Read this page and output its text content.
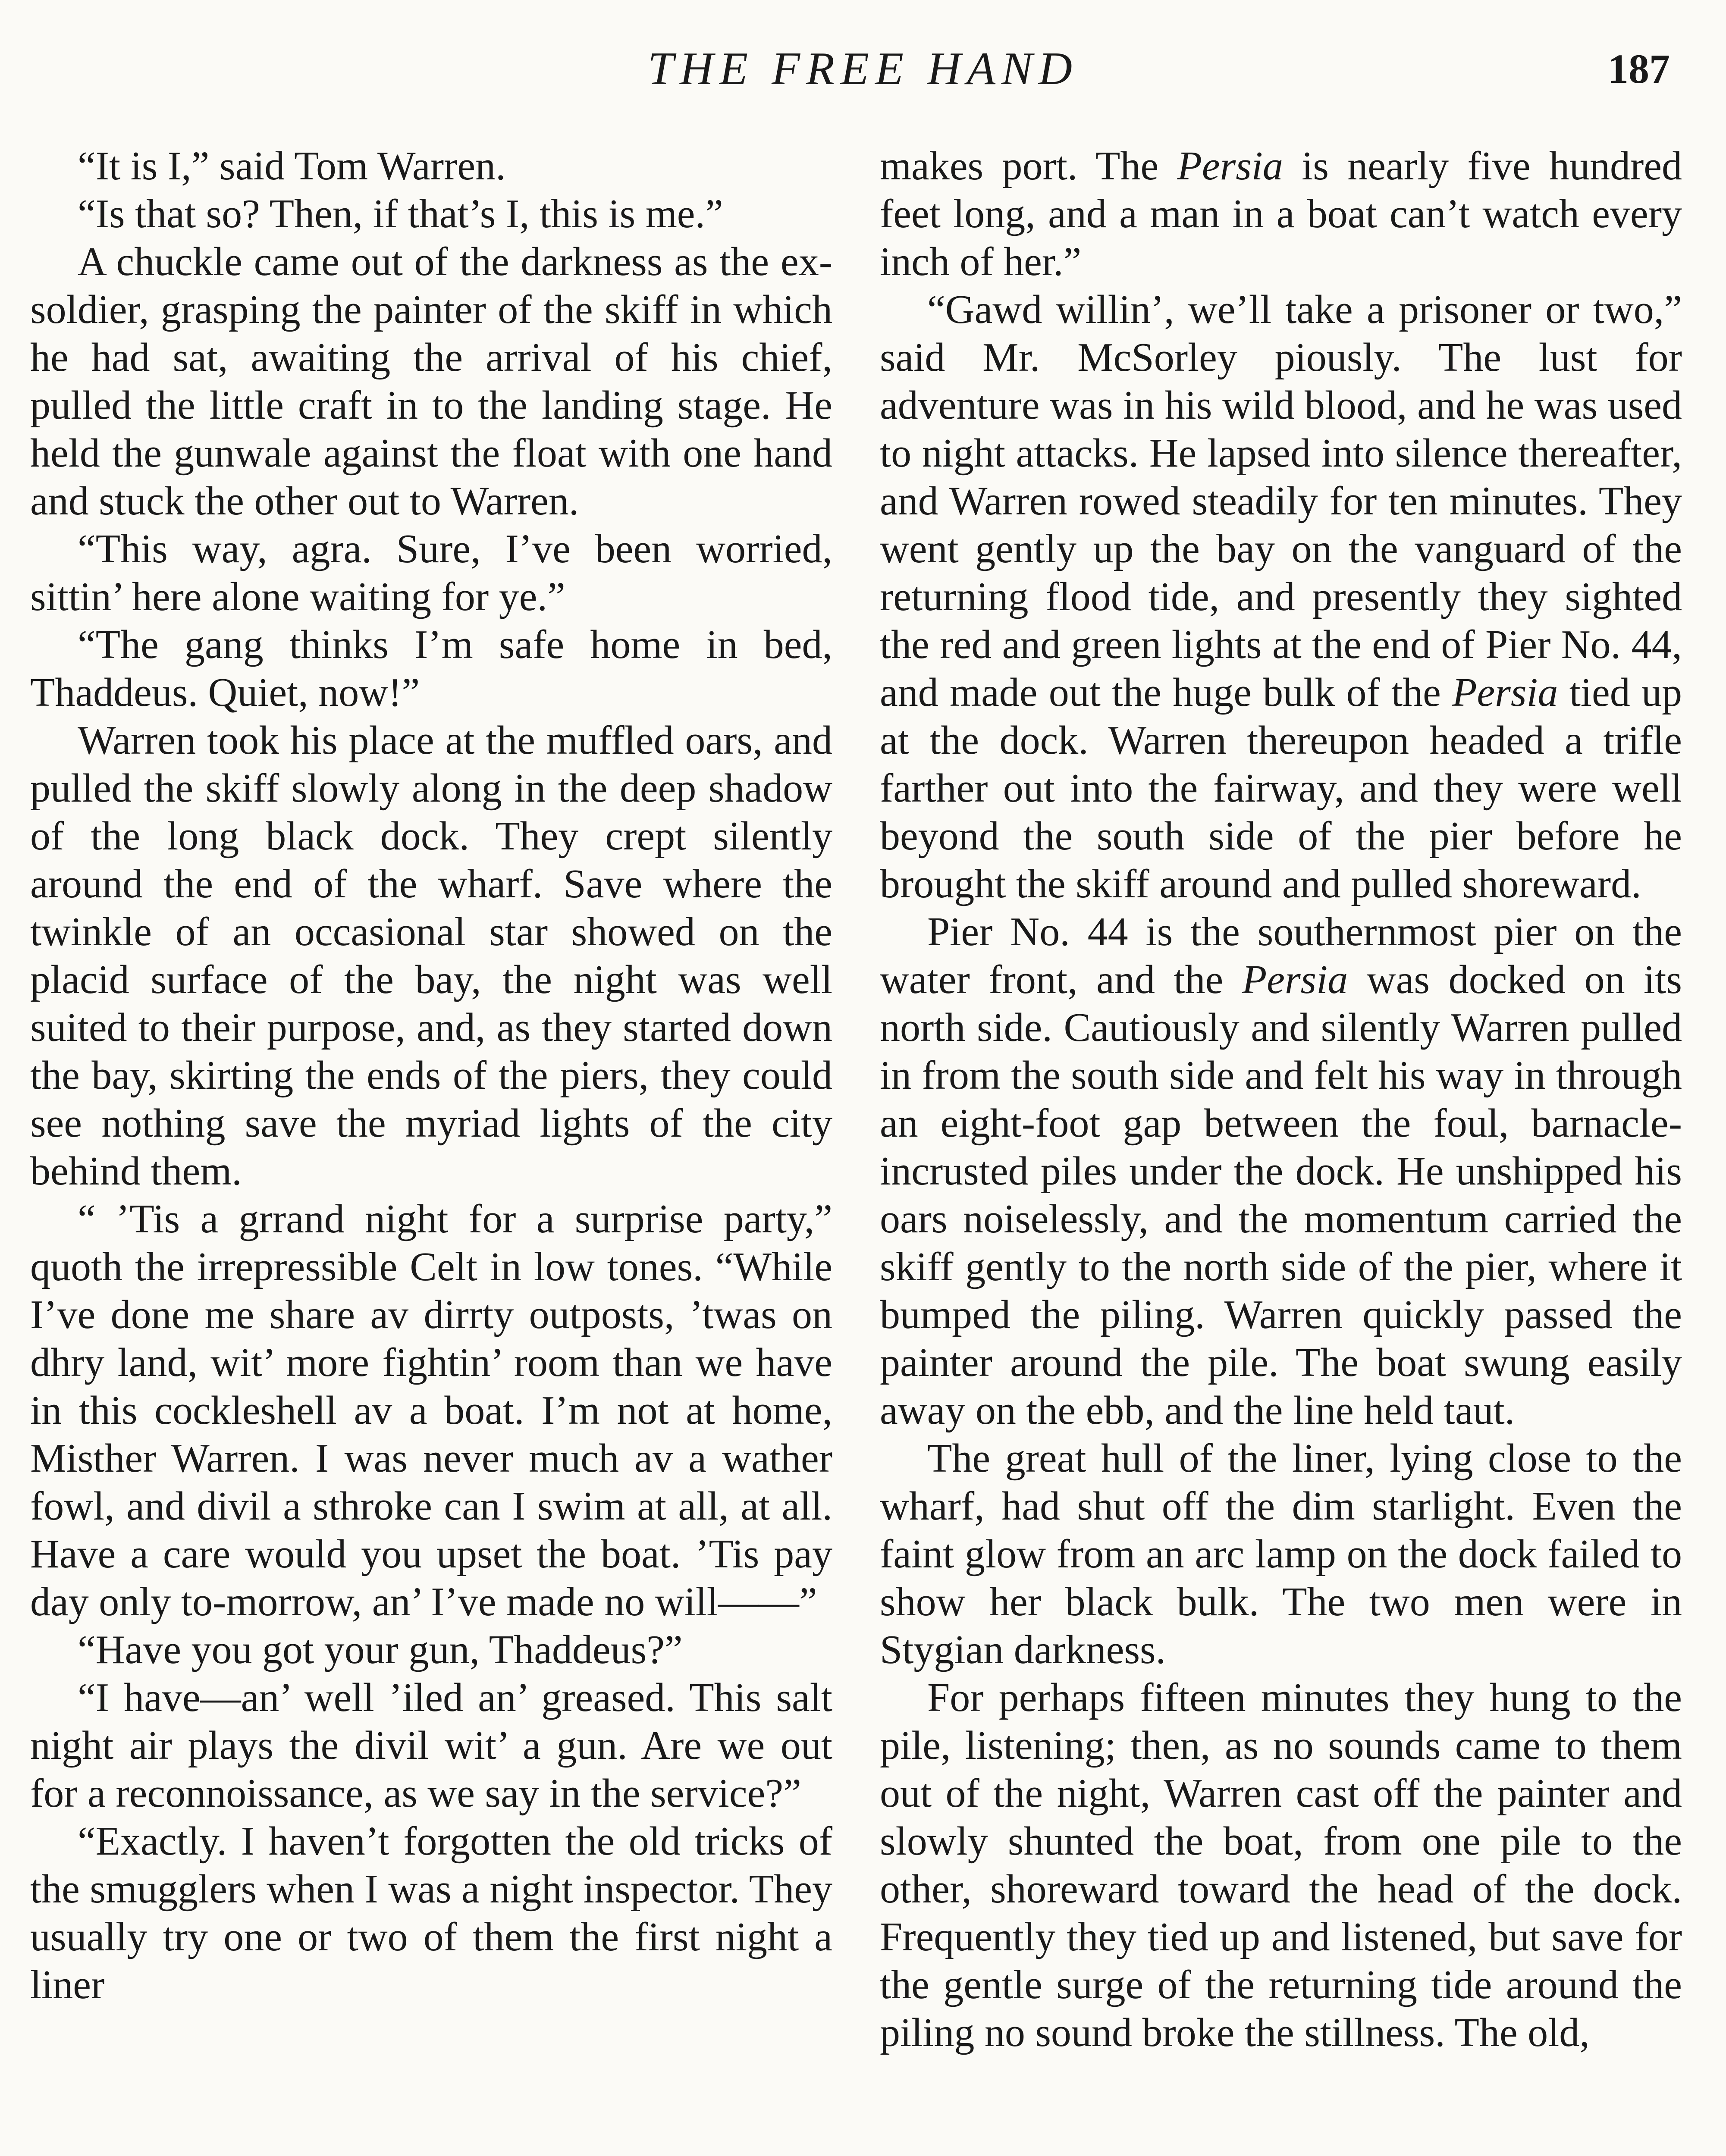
THE FREE HAND	187

“It is I,” said Tom Warren.

“Is that so? Then, if that’s I, this is me.”

A chuckle came out of the darkness as the ex-soldier, grasping the painter of the skiff in which he had sat, awaiting the arrival of his chief, pulled the little craft in to the landing stage. He held the gunwale against the float with one hand and stuck the other out to Warren.

“This way, agra. Sure, I’ve been worried, sittin’ here alone waiting for ye.”

“The gang thinks I’m safe home in bed, Thaddeus. Quiet, now!”

Warren took his place at the muffled oars, and pulled the skiff slowly along in the deep shadow of the long black dock. They crept silently around the end of the wharf. Save where the twinkle of an occasional star showed on the placid surface of the bay, the night was well suited to their purpose, and, as they started down the bay, skirting the ends of the piers, they could see nothing save the myriad lights of the city behind them.

“ ’Tis a grrand night for a surprise party,” quoth the irrepressible Celt in low tones. “While I’ve done me share av dirrty outposts, ’twas on dhry land, wit’ more fightin’ room than we have in this cockleshell av a boat. I’m not at home, Misther Warren. I was never much av a wather fowl, and divil a sthroke can I swim at all, at all. Have a care would you upset the boat. ’Tis pay day only to-morrow, an’ I’ve made no will——”

“Have you got your gun, Thaddeus?”

“I have—an’ well ’iled an’ greased. This salt night air plays the divil wit’ a gun. Are we out for a reconnoissance, as we say in the service?”

“Exactly. I haven’t forgotten the old tricks of the smugglers when I was a night inspector. They usually try one or two of them the first night a liner

makes port. The Persia is nearly five hundred feet long, and a man in a boat can’t watch every inch of her.”

“Gawd willin’, we’ll take a prisoner or two,” said Mr. McSorley piously. The lust for adventure was in his wild blood, and he was used to night attacks. He lapsed into silence thereafter, and Warren rowed steadily for ten minutes. They went gently up the bay on the vanguard of the returning flood tide, and presently they sighted the red and green lights at the end of Pier No. 44, and made out the huge bulk of the Persia tied up at the dock. Warren thereupon headed a trifle farther out into the fairway, and they were well beyond the south side of the pier before he brought the skiff around and pulled shoreward.

Pier No. 44 is the southernmost pier on the water front, and the Persia was docked on its north side. Cautiously and silently Warren pulled in from the south side and felt his way in through an eight-foot gap between the foul, barnacle-incrusted piles under the dock. He unshipped his oars noiselessly, and the momentum carried the skiff gently to the north side of the pier, where it bumped the piling. Warren quickly passed the painter around the pile. The boat swung easily away on the ebb, and the line held taut.

The great hull of the liner, lying close to the wharf, had shut off the dim starlight. Even the faint glow from an arc lamp on the dock failed to show her black bulk. The two men were in Stygian darkness.

For perhaps fifteen minutes they hung to the pile, listening; then, as no sounds came to them out of the night, Warren cast off the painter and slowly shunted the boat, from one pile to the other, shoreward toward the head of the dock. Frequently they tied up and listened, but save for the gentle surge of the returning tide around the piling no sound broke the stillness. The old,
